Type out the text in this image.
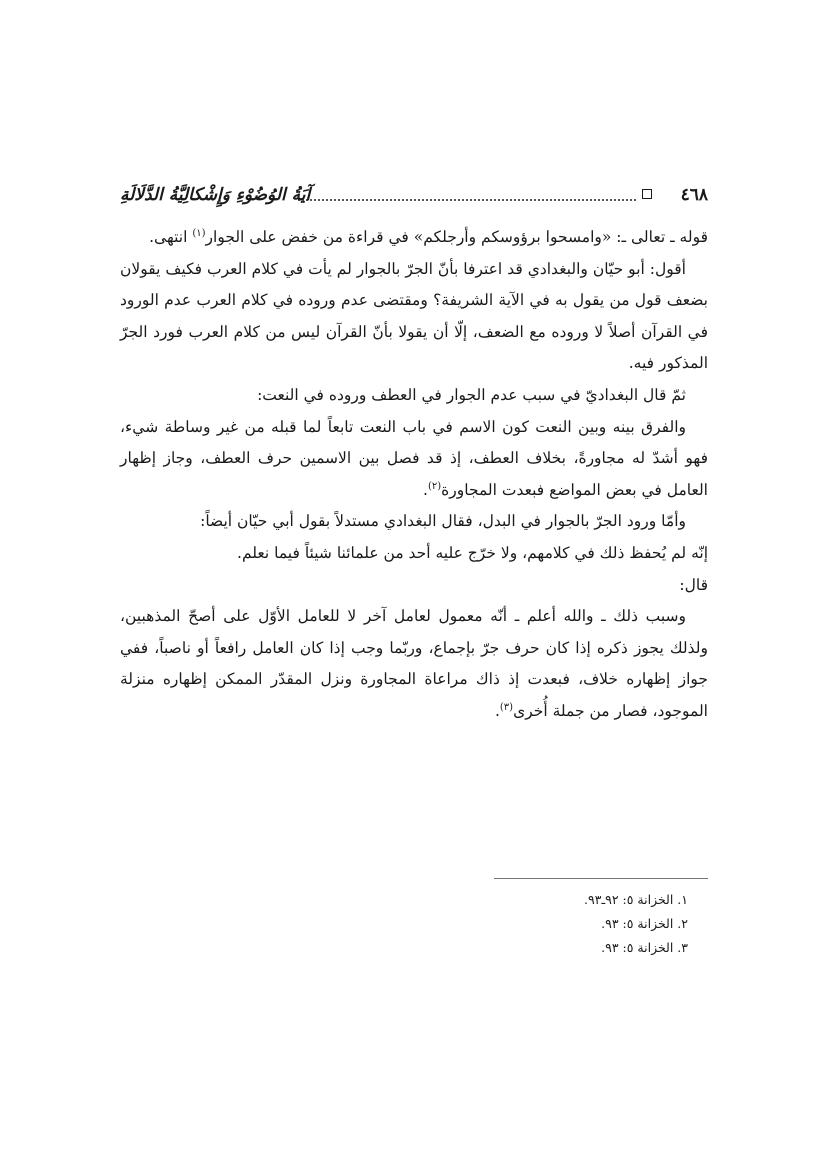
٤٦٨
آيَةُ الوُضُوْءِ وَإِشْكالِيَّةُ الدَّلَالَةِ

قوله ـ تعالى ـ: «وامسحوا برؤوسكم وأرجلكم» في قراءة من خفض على الجوار$^{(١)}$ انتهى.

أقول: أبو حيّان والبغدادي قد اعترفا بأنّ الجرّ بالجوار لم يأت في كلام العرب فكيف يقولان بضعف قول من يقول به في الآية الشريفة؟ ومقتضى عدم وروده في كلام العرب عدم الورود في القرآن أصلاً لا وروده مع الضعف، إلّا أن يقولا بأنّ القرآن ليس من كلام العرب فورد الجرّ المذكور فيه.

ثمّ قال البغداديّ في سبب عدم الجوار في العطف وروده في النعت:

والفرق بينه وبين النعت كون الاسم في باب النعت تابعاً لما قبله من غير وساطة شيء، فهو أشدّ له مجاورةً، بخلاف العطف، إذ قد فصل بين الاسمين حرف العطف، وجاز إظهار العامل في بعض المواضع فبعدت المجاورة$^{(٢)}$.

وأمّا ورود الجرّ بالجوار في البدل، فقال البغدادي مستدلاً بقول أبي حيّان أيضاً:

إنّه لم يُحفظ ذلك في كلامهم، ولا خرّج عليه أحد من علمائنا شيئاً فيما نعلم.

قال:

وسبب ذلك ـ والله أعلم ـ أنّه معمول لعامل آخر لا للعامل الأوّل على أصحّ المذهبين، ولذلك يجوز ذكره إذا كان حرف جرّ بإجماع، وربّما وجب إذا كان العامل رافعاً أو ناصباً، ففي جواز إظهاره خلاف، فبعدت إذ ذاك مراعاة المجاورة ونزل المقدّر الممكن إظهاره منزلة الموجود، فصار من جملة أُخرى$^{(٣)}$.

١. الخزانة ٥: ٩٢ـ٩٣.
٢. الخزانة ٥: ٩٣.
٣. الخزانة ٥: ٩٣.
